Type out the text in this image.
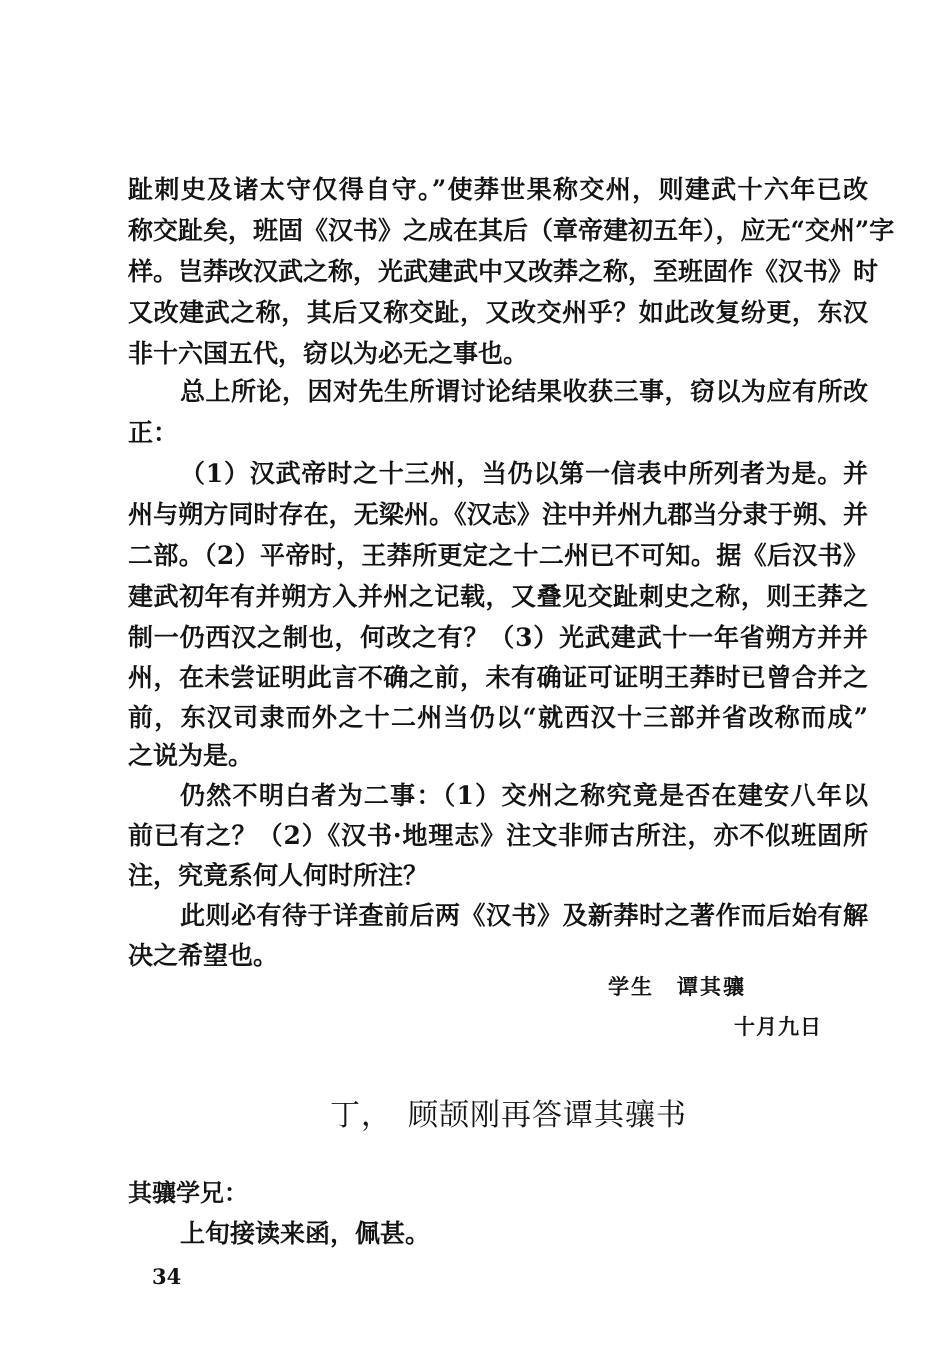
趾刺史及诸太守仅得自守。”使莽世果称交州，则建武十六年已改
称交趾矣，班固《汉书》之成在其后（章帝建初五年），应无“交州”字
样。岂莽改汉武之称，光武建武中又改莽之称，至班固作《汉书》时
又改建武之称，其后又称交趾，又改交州乎？如此改复纷更，东汉
非十六国五代，窃以为必无之事也。
总上所论，因对先生所谓讨论结果收获三事，窃以为应有所改
正：
（1）汉武帝时之十三州，当仍以第一信表中所列者为是。并
州与朔方同时存在，无梁州。《汉志》注中并州九郡当分隶于朔、并
二部。（2）平帝时，王莽所更定之十二州已不可知。据《后汉书》
建武初年有并朔方入并州之记载，又叠见交趾刺史之称，则王莽之
制一仍西汉之制也，何改之有？（3）光武建武十一年省朔方并并
州，在未尝证明此言不确之前，未有确证可证明王莽时已曾合并之
前，东汉司隶而外之十二州当仍以“就西汉十三部并省改称而成”
之说为是。
仍然不明白者为二事：（1）交州之称究竟是否在建安八年以
前已有之？（2）《汉书·地理志》注文非师古所注，亦不似班固所
注，究竟系何人何时所注？
此则必有待于详查前后两《汉书》及新莽时之著作而后始有解
决之希望也。
学生　谭其骧
十月九日
丁，　顾颉刚再答谭其骧书
其骧学兄：
上旬接读来函，佩甚。
34
